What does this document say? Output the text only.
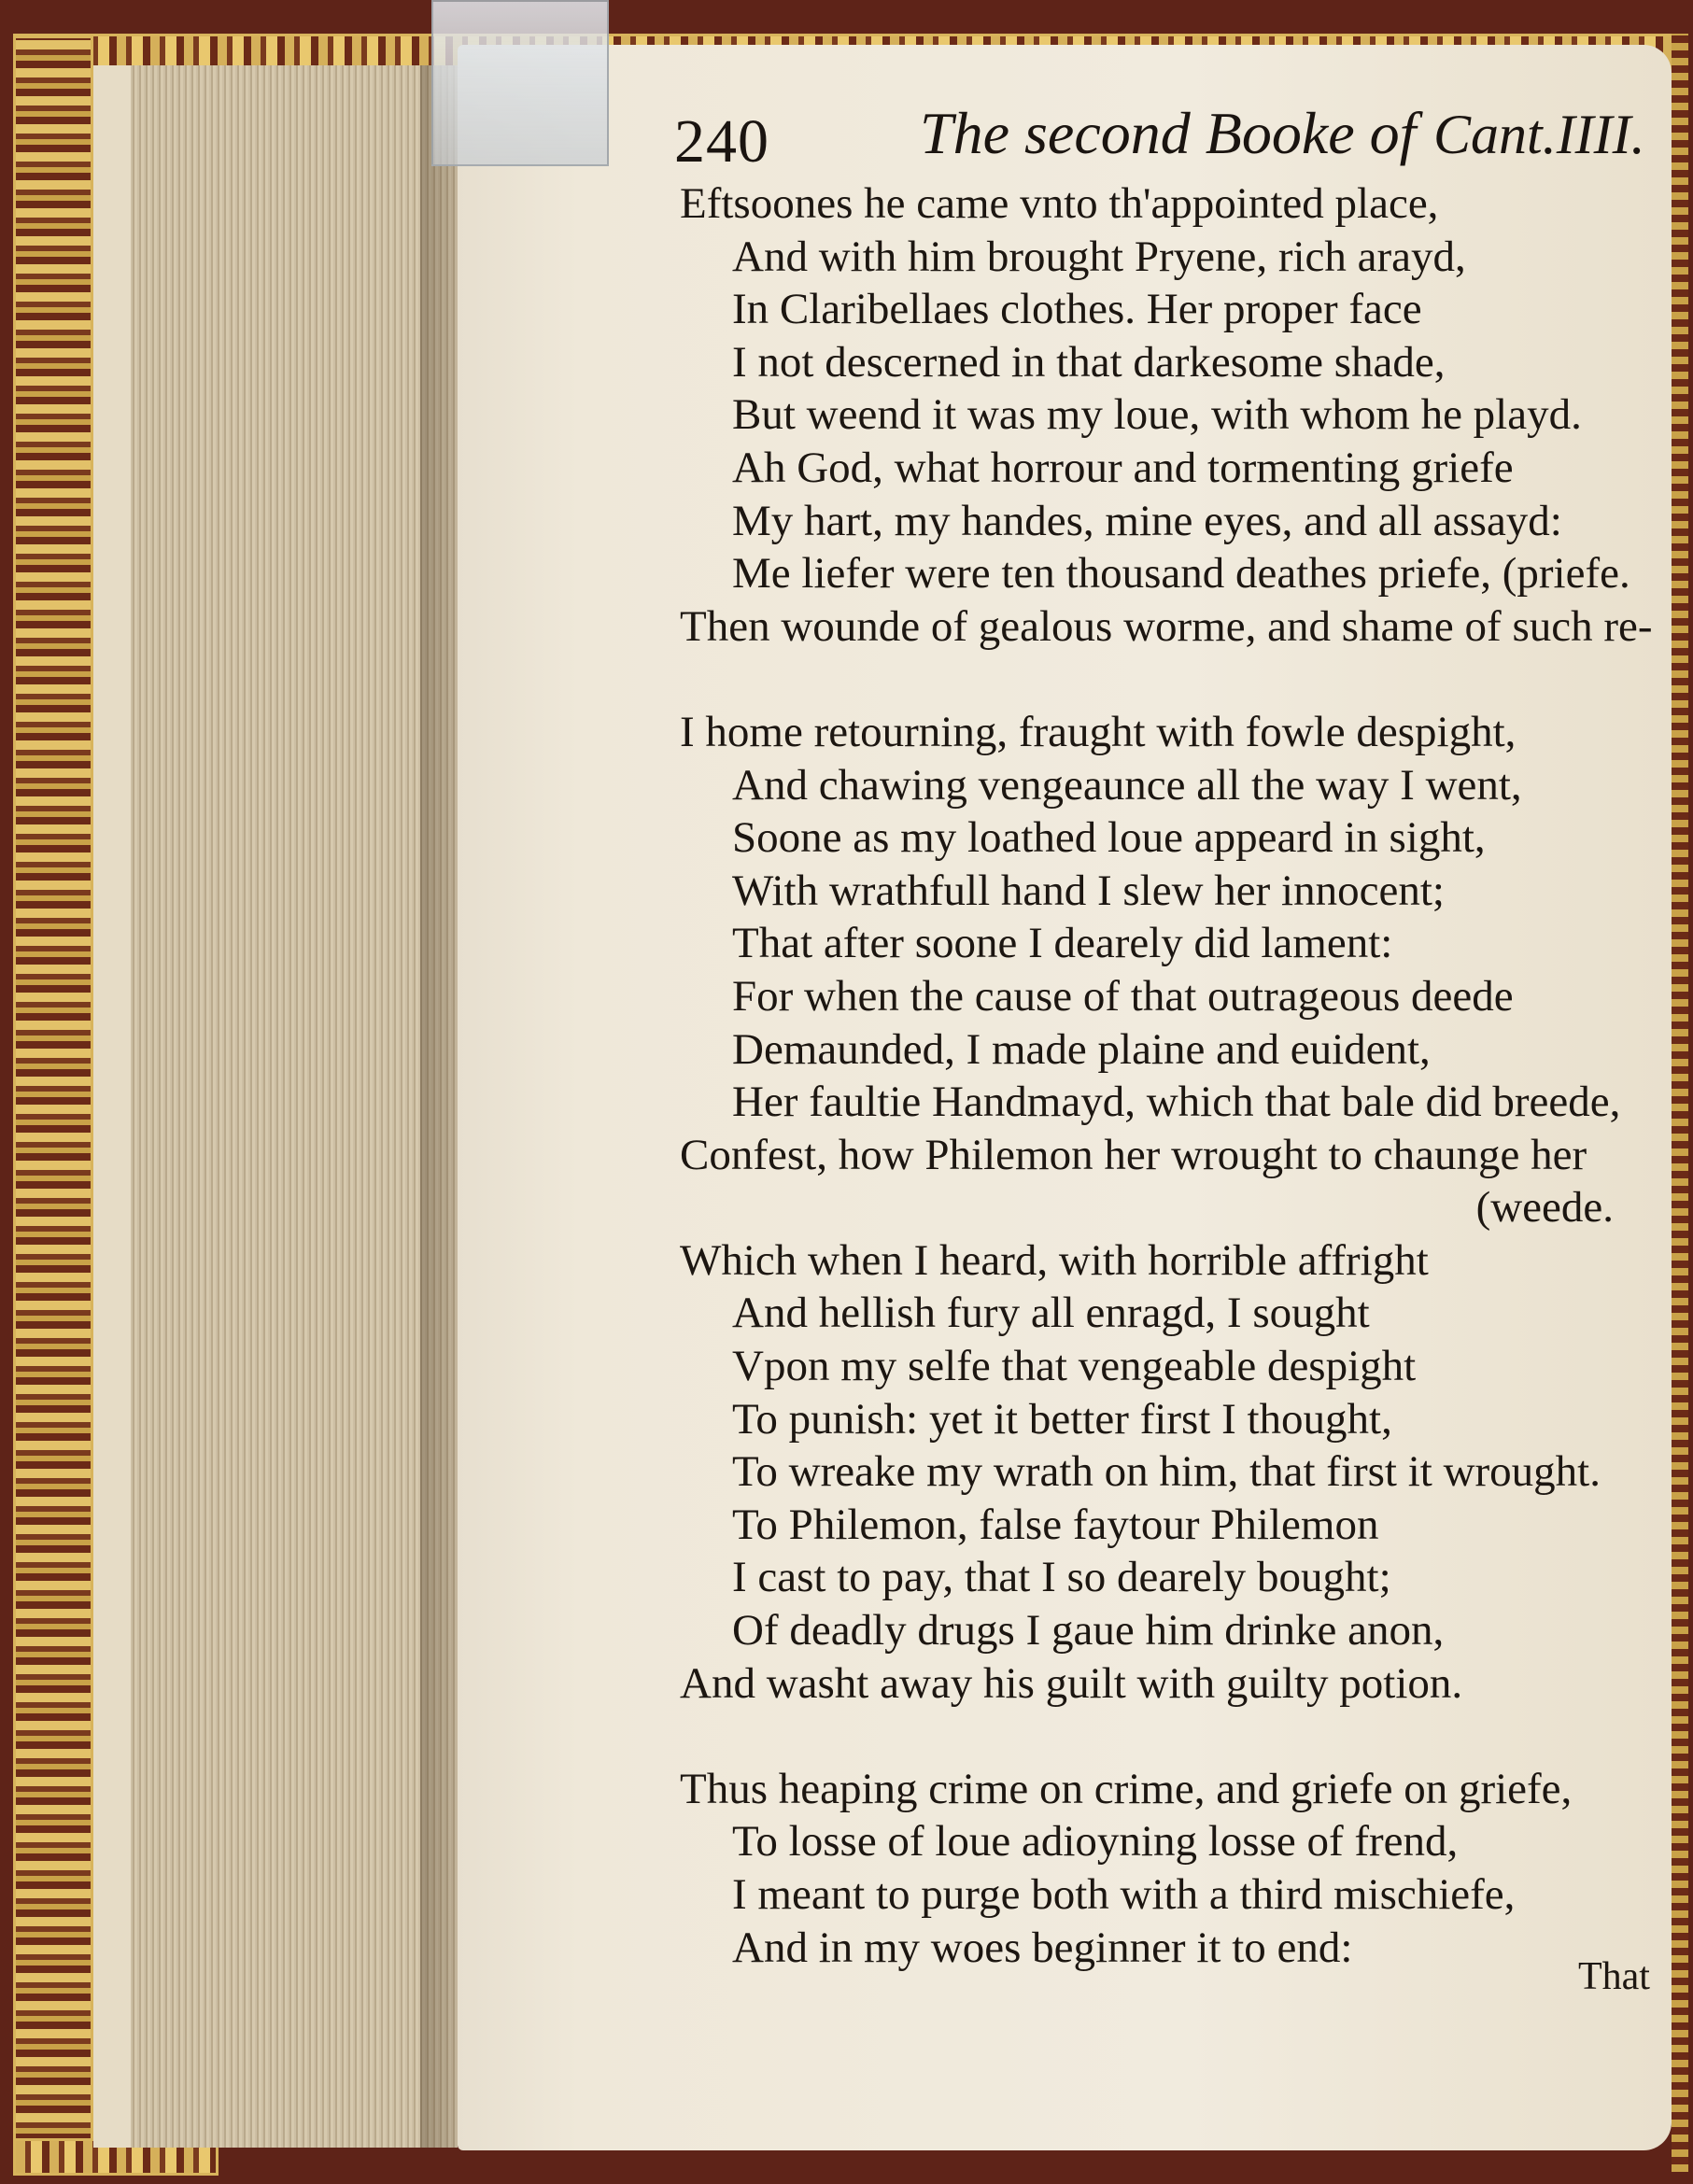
240	The second Booke of Cant.IIII.
Eftsoones he came vnto th'appointed place,
And with him brought Pryene, rich arayd,
In Claribellaes clothes. Her proper face
I not descerned in that darkesome shade,
But weend it was my loue, with whom he playd.
Ah God, what horrour and tormenting griefe
My hart, my handes, mine eyes, and all assayd:
Me liefer were ten thousand deathes priefe, (priefe.
Then wounde of gealous worme, and shame of such re-
I home retourning, fraught with fowle despight,
And chawing vengeaunce all the way I went,
Soone as my loathed loue appeard in sight,
With wrathfull hand I slew her innocent;
That after soone I dearely did lament:
For when the cause of that outrageous deede
Demaunded, I made plaine and euident,
Her faultie Handmayd, which that bale did breede,
Confest, how Philemon her wrought to chaunge her
(weede.
Which when I heard, with horrible affright
And hellish fury all enragd, I sought
Vpon my selfe that vengeable despight
To punish: yet it better first I thought,
To wreake my wrath on him, that first it wrought.
To Philemon, false faytour Philemon
I cast to pay, that I so dearely bought;
Of deadly drugs I gaue him drinke anon,
And washt away his guilt with guilty potion.
Thus heaping crime on crime, and griefe on griefe,
To losse of loue adioyning losse of frend,
I meant to purge both with a third mischiefe,
And in my woes beginner it to end:
That
